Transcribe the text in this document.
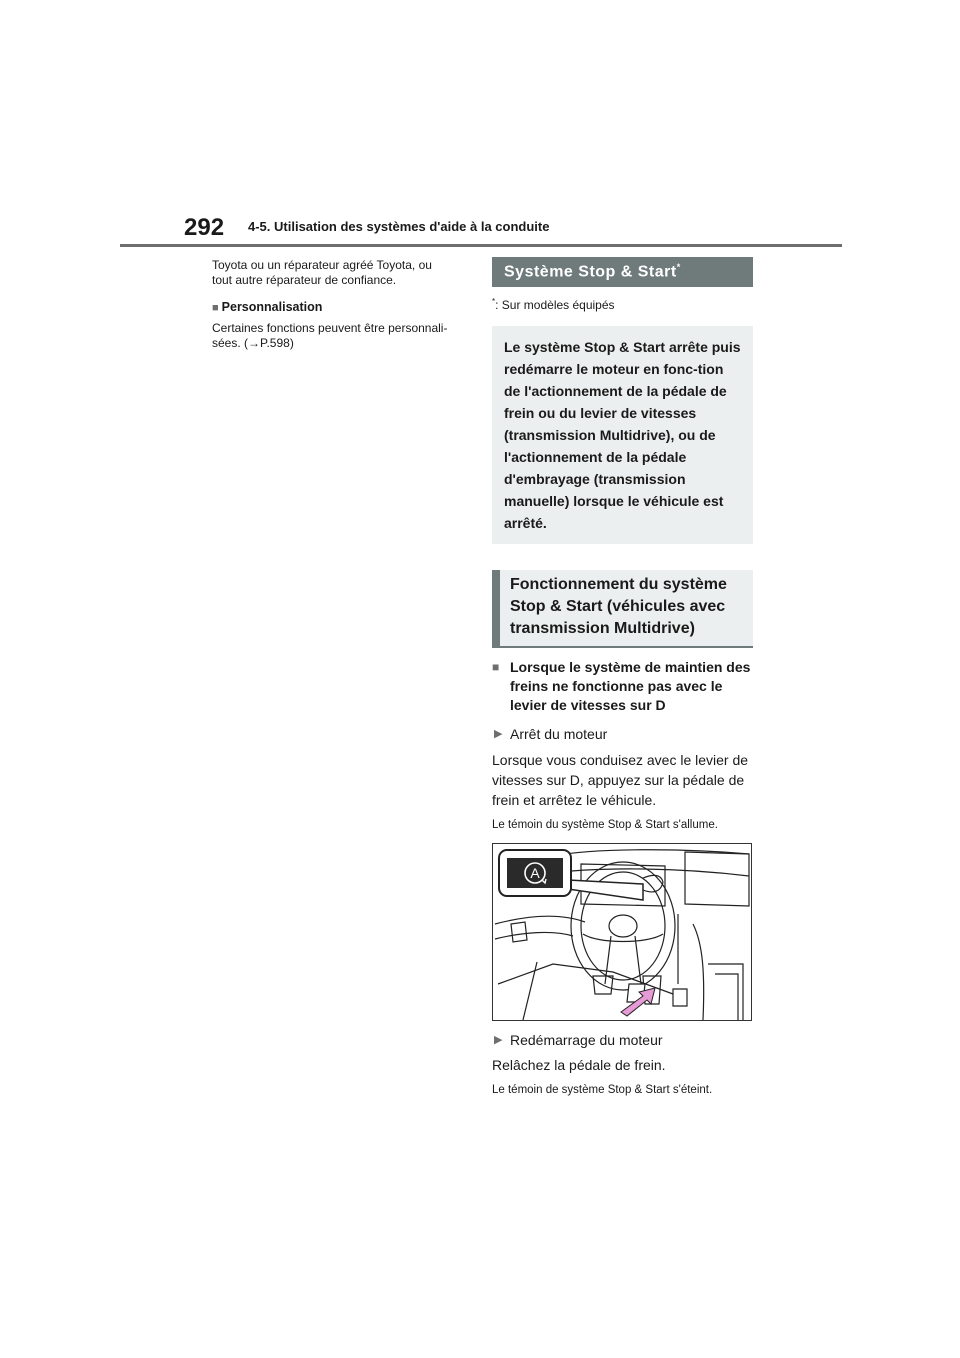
292 4-5. Utilisation des systèmes d'aide à la conduite

Toyota ou un réparateur agréé Toyota, ou tout autre réparateur de confiance.

■ Personnalisation

Certaines fonctions peuvent être personnali-sées. (→P.598)

Système Stop & Start*
*: Sur modèles équipés
Le système Stop & Start arrête puis redémarre le moteur en fonc-tion de l'actionnement de la pédale de frein ou du levier de vitesses (transmission Multidrive), ou de l'actionnement de la pédale d'embrayage (transmission manuelle) lorsque le véhicule est arrêté.
Fonctionnement du système Stop & Start (véhicules avec transmission Multidrive)
■ Lorsque le système de maintien des freins ne fonctionne pas avec le levier de vitesses sur D
▶ Arrêt du moteur
Lorsque vous conduisez avec le levier de vitesses sur D, appuyez sur la pédale de frein et arrêtez le véhicule.
Le témoin du système Stop & Start s'allume.
A
▶ Redémarrage du moteur
Relâchez la pédale de frein.
Le témoin de système Stop & Start s'éteint.
